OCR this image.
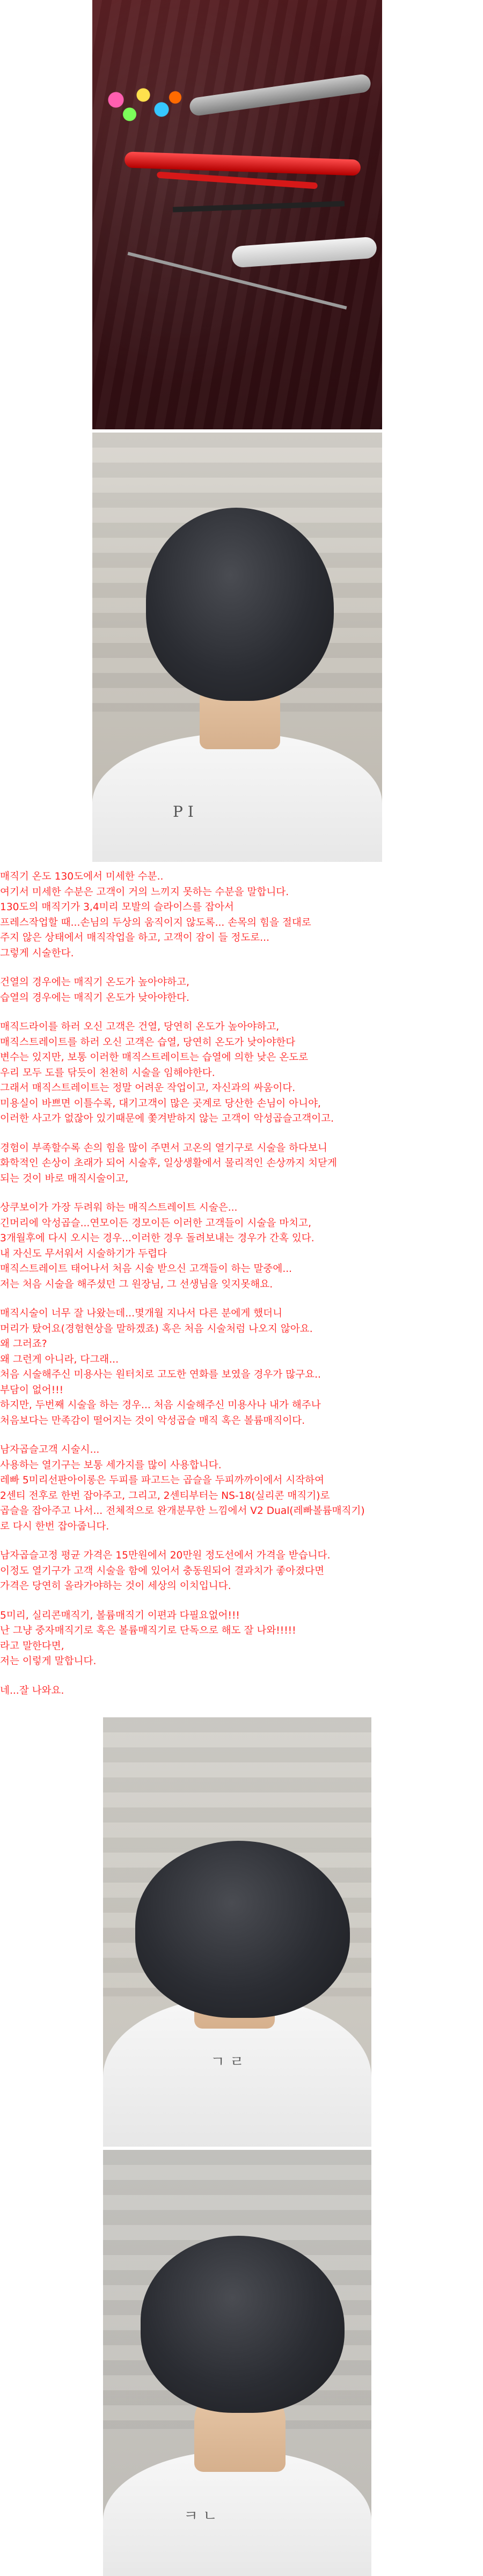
P I
매직기 온도 130도에서 미세한 수분..
여기서 미세한 수분은 고객이 거의 느끼지 못하는 수분을 말합니다.
130도의 매직기가 3,4미리 모발의 슬라이스를 잡아서
프레스작업할 때...손님의 두상의 움직이지 않도록... 손목의 힘을 절대로
주지 않은 상태에서 매직작업을 하고, 고객이 잠이 들 정도로...
그렇게 시술한다.
건열의 경우에는 매직기 온도가 높아야하고,
습열의 경우에는 매직기 온도가 낮아야한다.
매직드라이를 하러 오신 고객은 건열, 당연히 온도가 높아야하고,
매직스트레이트를 하러 오신 고객은 습열, 당연히 온도가 낮아야한다
변수는 있지만, 보통 이러한 매직스트레이트는 습열에 의한 낮은 온도로
우리 모두 도를 닦듯이 천천히 시술을 임해야한다.
그래서 매직스트레이트는 정말 어려운 작업이고, 자신과의 싸움이다.
미용실이 바쁘면 이틀수록, 대기고객이 많은 곳계로 당산한 손님이 아니야,
이러한 사고가 없잖아 있기때문에 쫓겨받하지 않는 고객이 악성곱슬고객이고.
경험이 부족할수록 손의 힘을 많이 주면서 고온의 열기구로 시술을 하다보니
화학적인 손상이 초래가 되어 시술후, 일상생활에서 물리적인 손상까지 치닫게
되는 것이 바로 매직시술이고,
상쿠보이가 가장 두려워 하는 매직스트레이트 시술은...
긴머리에 악성곱슬...연모이든 경모이든 이러한 고객들이 시술을 마치고,
3개월후에 다시 오시는 경우...이러한 경우 돌려보내는 경우가 간혹 있다.
내 자신도 무서워서 시술하기가 두렵다
매직스트레이트 태어나서 처음 시술 받으신 고객들이 하는 말중에...
저는 처음 시술을 해주셨던 그 원장님, 그 선생님을 잊지못해요.
매직시술이 너무 잘 나왔는데...몇개월 지나서 다른 분에게 했더니
머리가 탔어요(경험현상을 말하겠죠) 혹은 처음 시술처럼 나오지 않아요.
왜 그러죠?
왜 그런게 아니라, 다그래...
처음 시술해주신 미용사는 원터치로 고도한 연화를 보였을 경우가 많구요..
부담이 없어!!!
하지만, 두번째 시술을 하는 경우... 처음 시술해주신 미용사나 내가 해주나
처음보다는 만족감이 떨어지는 것이 악성곱슬 매직 혹은 볼륨매직이다.
남자곱슬고객 시술시...
사용하는 열기구는 보통 세가지를 많이 사용합니다.
레빠 5미리선판아이롱은 두피를 파고드는 곱슬을 두피까까이에서 시작하여
2센티 전후로 한번 잡아주고, 그리고, 2센티부터는 NS-18(실리콘 매직기)로
곱슬을 잡아주고 나서... 전체적으로 완개분무한 느낌에서 V2 Dual(레빠볼륨매직기)
로 다시 한번 잡아줍니다.
남자곱슬고정 평균 가격은 15만원에서 20만원 정도선에서 가격을 받습니다.
이정도 열기구가 고객 시술을 함에 있어서 충동원되어 결과치가 좋아졌다면
가격은 당연히 올라가야하는 것이 세상의 이치입니다.
5미리, 실리콘매직기, 볼륨매직기 이편과 다필요없어!!!
난 그냥 중자매직기로 혹은 볼륨매직기로 단독으로 해도 잘 나와!!!!!
라고 말한다면,
저는 이렇게 말합니다.
네...잘 나와요.
ㄱ ㄹ
ㅋ ㄴ
